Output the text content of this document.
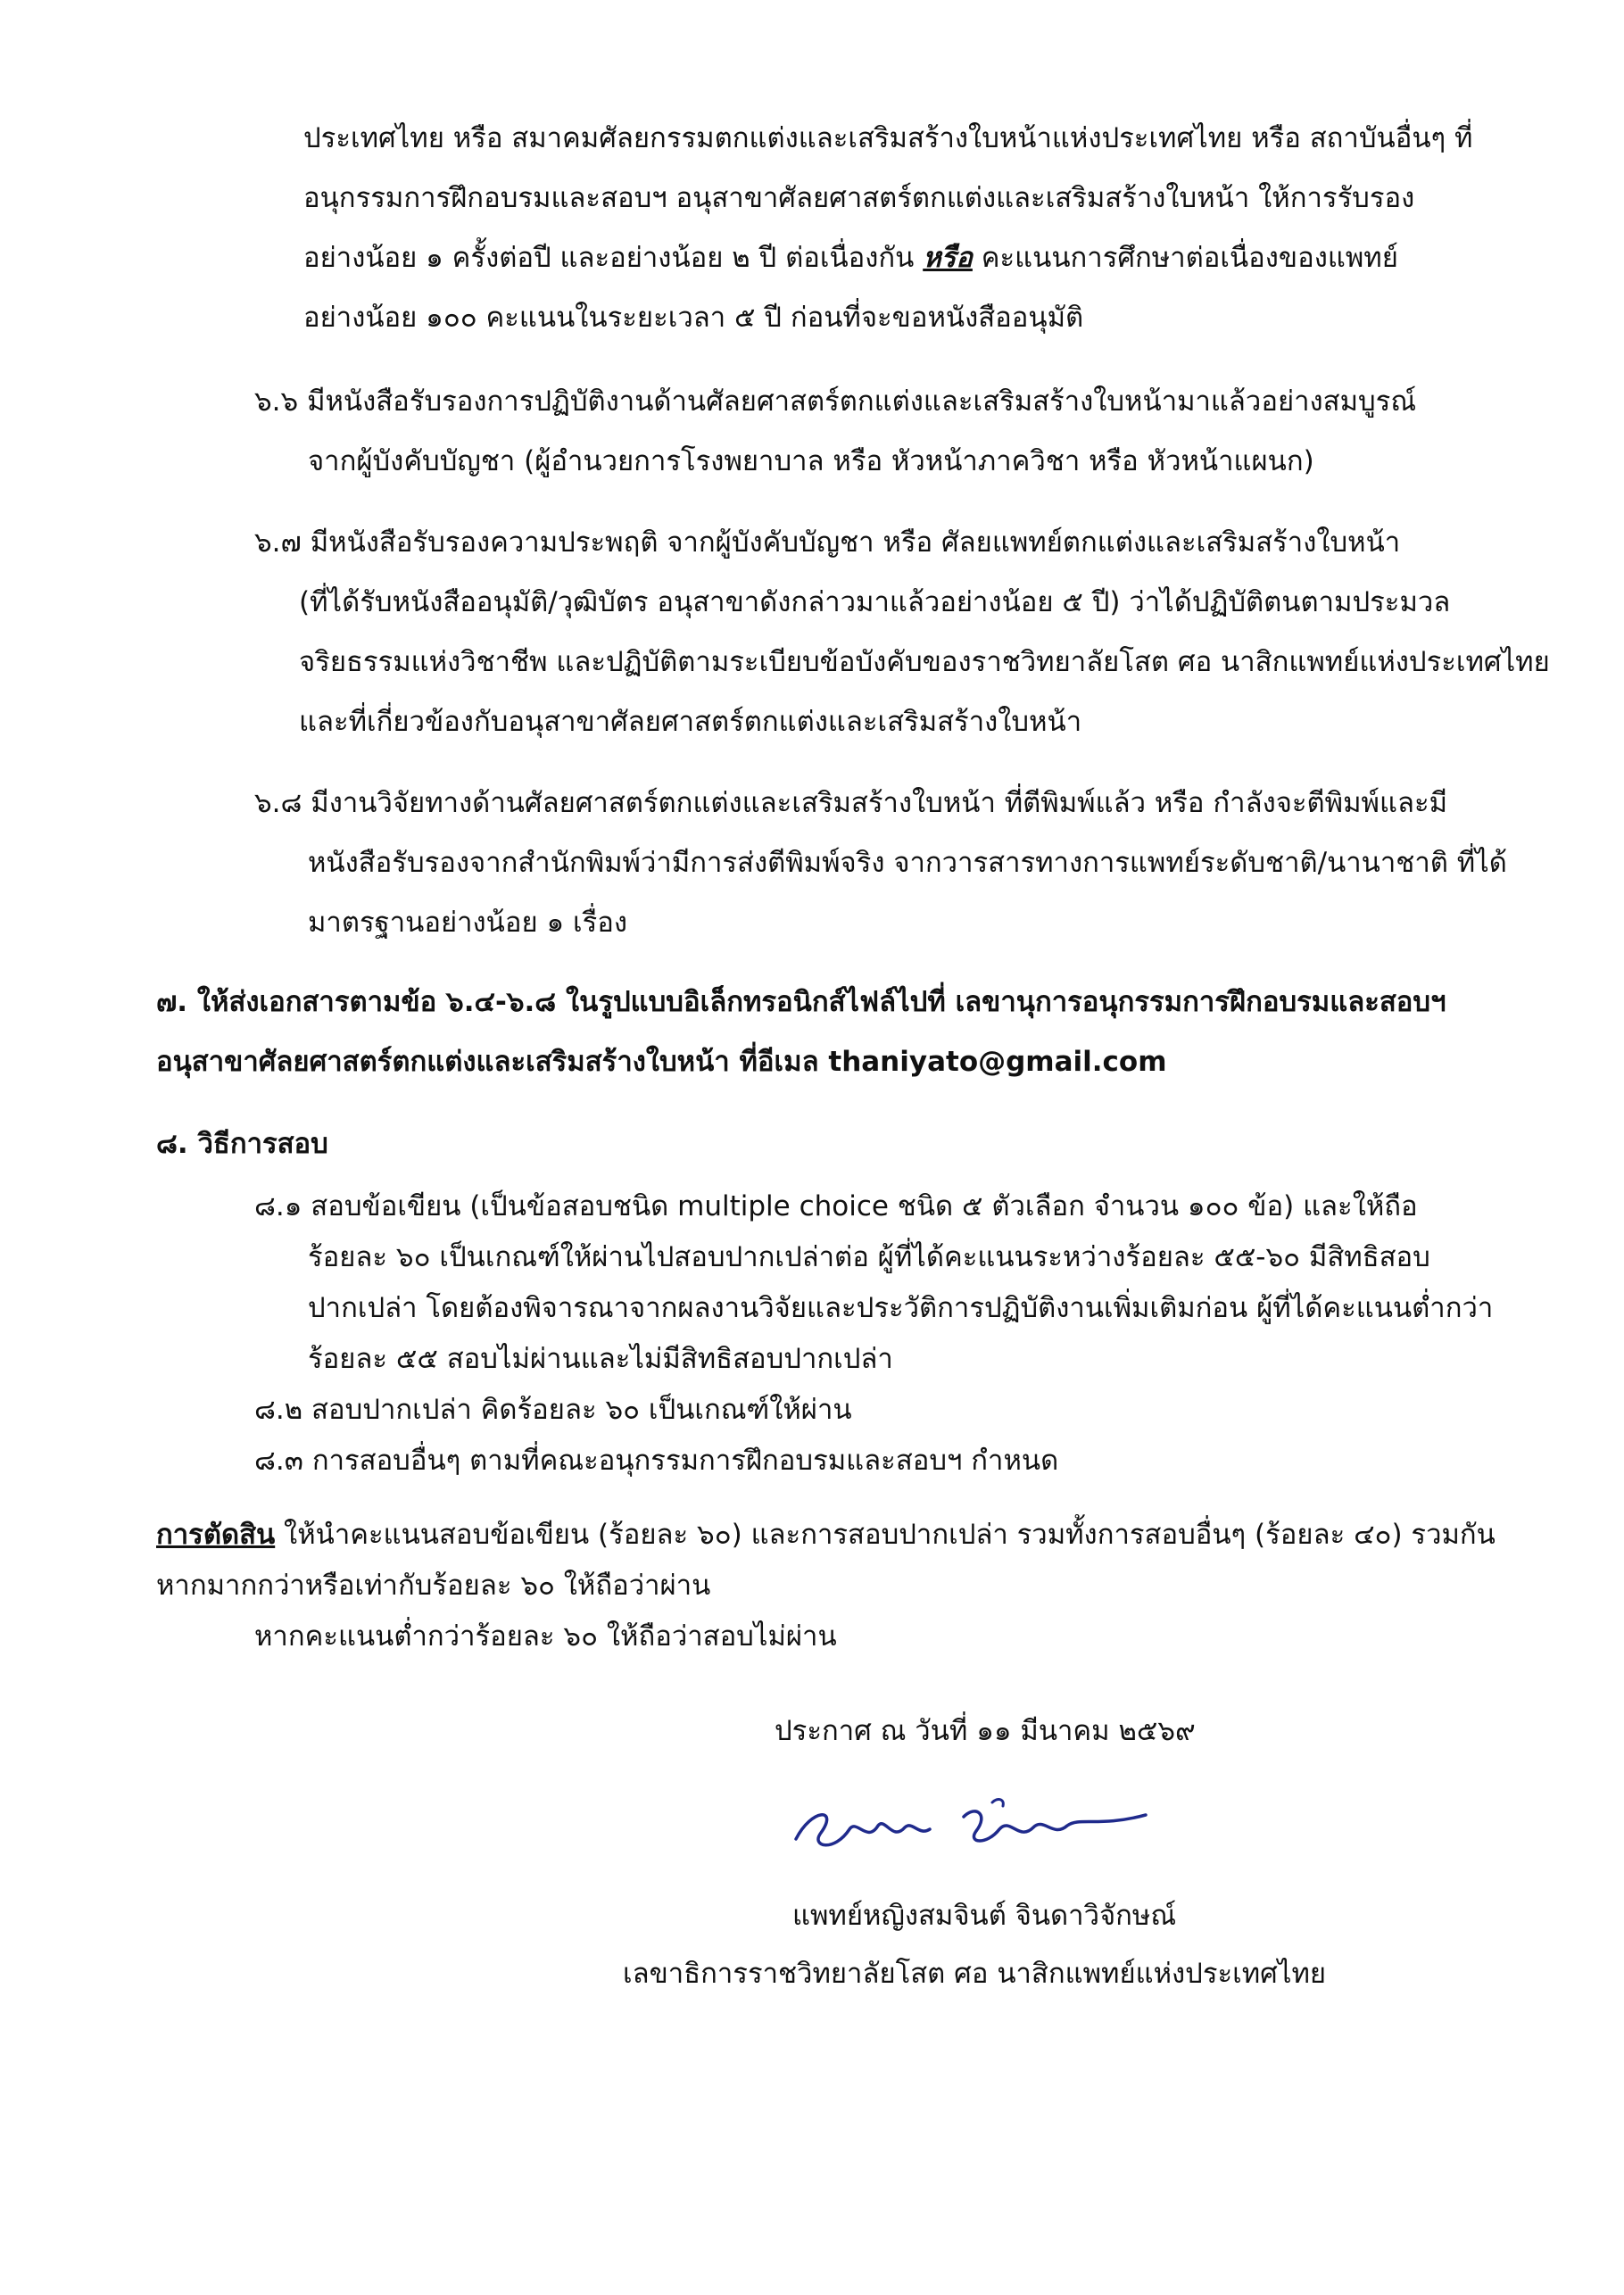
ประเทศไทย หรือ สมาคมศัลยกรรมตกแต่งและเสริมสร้างใบหน้าแห่งประเทศไทย หรือ สถาบันอื่นๆ ที่
อนุกรรมการฝึกอบรมและสอบฯ อนุสาขาศัลยศาสตร์ตกแต่งและเสริมสร้างใบหน้า ให้การรับรอง
อย่างน้อย ๑ ครั้งต่อปี และอย่างน้อย ๒ ปี ต่อเนื่องกัน หรือ คะแนนการศึกษาต่อเนื่องของแพทย์
อย่างน้อย ๑๐๐ คะแนนในระยะเวลา ๕ ปี ก่อนที่จะขอหนังสืออนุมัติ
๖.๖ มีหนังสือรับรองการปฏิบัติงานด้านศัลยศาสตร์ตกแต่งและเสริมสร้างใบหน้ามาแล้วอย่างสมบูรณ์
จากผู้บังคับบัญชา (ผู้อำนวยการโรงพยาบาล หรือ หัวหน้าภาควิชา หรือ หัวหน้าแผนก)
๖.๗ มีหนังสือรับรองความประพฤติ จากผู้บังคับบัญชา หรือ ศัลยแพทย์ตกแต่งและเสริมสร้างใบหน้า
(ที่ได้รับหนังสืออนุมัติ/วุฒิบัตร อนุสาขาดังกล่าวมาแล้วอย่างน้อย ๕ ปี) ว่าได้ปฏิบัติตนตามประมวล
จริยธรรมแห่งวิชาชีพ และปฏิบัติตามระเบียบข้อบังคับของราชวิทยาลัยโสต ศอ นาสิกแพทย์แห่งประเทศไทย
และที่เกี่ยวข้องกับอนุสาขาศัลยศาสตร์ตกแต่งและเสริมสร้างใบหน้า
๖.๘ มีงานวิจัยทางด้านศัลยศาสตร์ตกแต่งและเสริมสร้างใบหน้า ที่ตีพิมพ์แล้ว หรือ กำลังจะตีพิมพ์และมี
หนังสือรับรองจากสำนักพิมพ์ว่ามีการส่งตีพิมพ์จริง จากวารสารทางการแพทย์ระดับชาติ/นานาชาติ ที่ได้
มาตรฐานอย่างน้อย ๑ เรื่อง
๗. ให้ส่งเอกสารตามข้อ ๖.๔-๖.๘ ในรูปแบบอิเล็กทรอนิกส์ไฟล์ไปที่ เลขานุการอนุกรรมการฝึกอบรมและสอบฯ
อนุสาขาศัลยศาสตร์ตกแต่งและเสริมสร้างใบหน้า ที่อีเมล thaniyato@gmail.com
๘. วิธีการสอบ
๘.๑ สอบข้อเขียน (เป็นข้อสอบชนิด multiple choice ชนิด ๕ ตัวเลือก จำนวน ๑๐๐ ข้อ) และให้ถือ
ร้อยละ ๖๐ เป็นเกณฑ์ให้ผ่านไปสอบปากเปล่าต่อ ผู้ที่ได้คะแนนระหว่างร้อยละ ๕๕-๖๐ มีสิทธิสอบ
ปากเปล่า โดยต้องพิจารณาจากผลงานวิจัยและประวัติการปฏิบัติงานเพิ่มเติมก่อน ผู้ที่ได้คะแนนต่ำกว่า
ร้อยละ ๕๕ สอบไม่ผ่านและไม่มีสิทธิสอบปากเปล่า
๘.๒ สอบปากเปล่า คิดร้อยละ ๖๐ เป็นเกณฑ์ให้ผ่าน
๘.๓ การสอบอื่นๆ ตามที่คณะอนุกรรมการฝึกอบรมและสอบฯ กำหนด
การตัดสิน ให้นำคะแนนสอบข้อเขียน (ร้อยละ ๖๐) และการสอบปากเปล่า รวมทั้งการสอบอื่นๆ (ร้อยละ ๔๐) รวมกัน
หากมากกว่าหรือเท่ากับร้อยละ ๖๐ ให้ถือว่าผ่าน
หากคะแนนต่ำกว่าร้อยละ ๖๐ ให้ถือว่าสอบไม่ผ่าน
ประกาศ ณ วันที่ ๑๑ มีนาคม ๒๕๖๙
สมจินต์ จินดาวิจักษณ์
แพทย์หญิงสมจินต์ จินดาวิจักษณ์
เลขาธิการราชวิทยาลัยโสต ศอ นาสิกแพทย์แห่งประเทศไทย
